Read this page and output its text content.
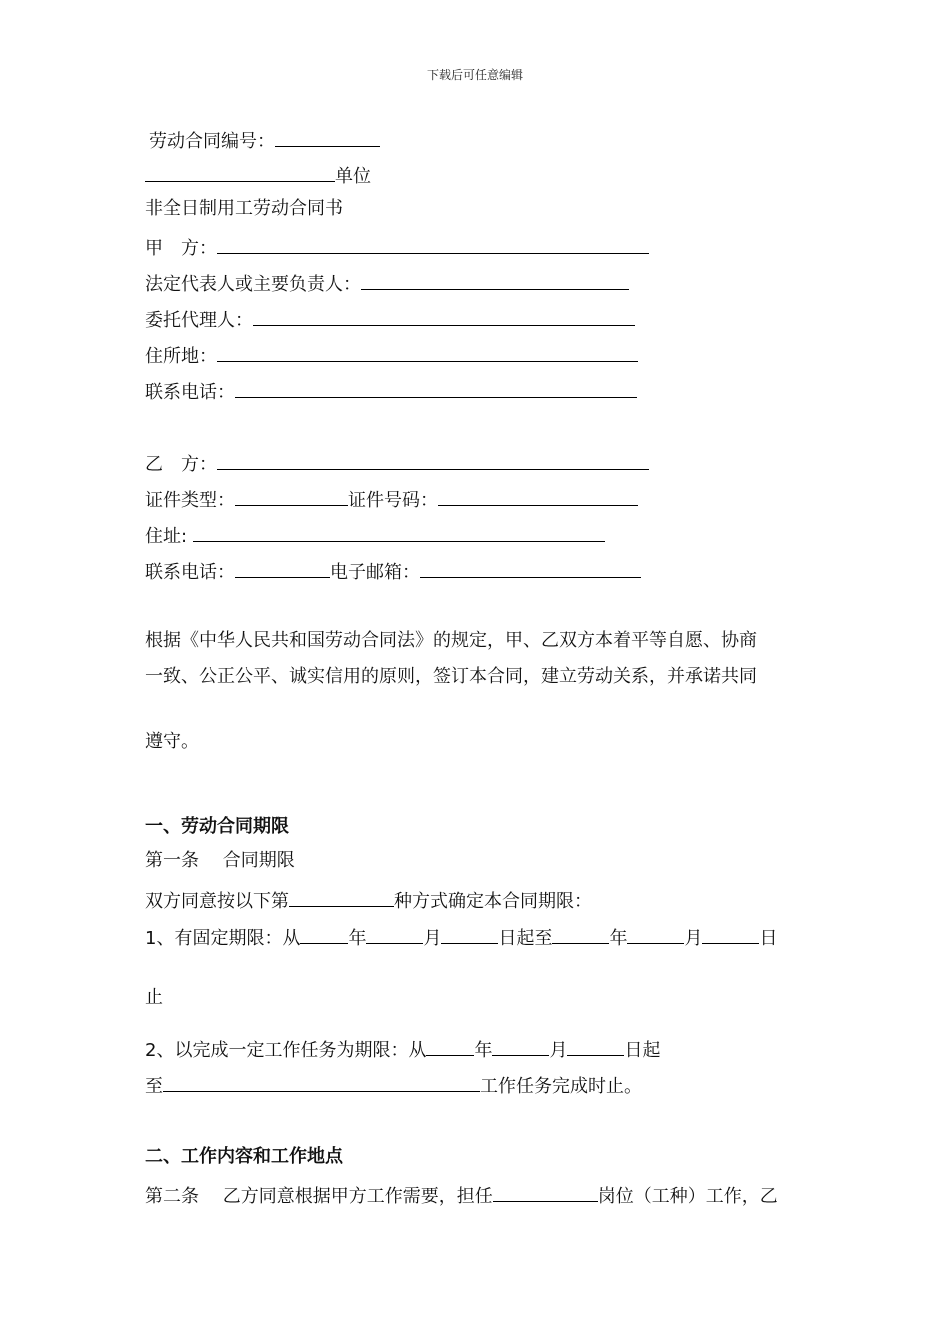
下载后可任意编辑
劳动合同编号：
单位
非全日制用工劳动合同书
甲　方：
法定代表人或主要负责人：
委托代理人：
住所地：
联系电话：
乙　方：
证件类型：	证件号码：
住址:
联系电话：	电子邮箱：
根据《中华人民共和国劳动合同法》的规定，甲、乙双方本着平等自愿、协商
一致、公正公平、诚实信用的原则，签订本合同，建立劳动关系，并承诺共同
遵守。
一、劳动合同期限
第一条　 合同期限
双方同意按以下第	种方式确定本合同期限：
1、有固定期限：从	年	月	日起至	年	月	日
止
2、以完成一定工作任务为期限：从	年	月	日起
至	工作任务完成时止。
二、工作内容和工作地点
第二条　 乙方同意根据甲方工作需要，担任	岗位（工种）工作，乙
